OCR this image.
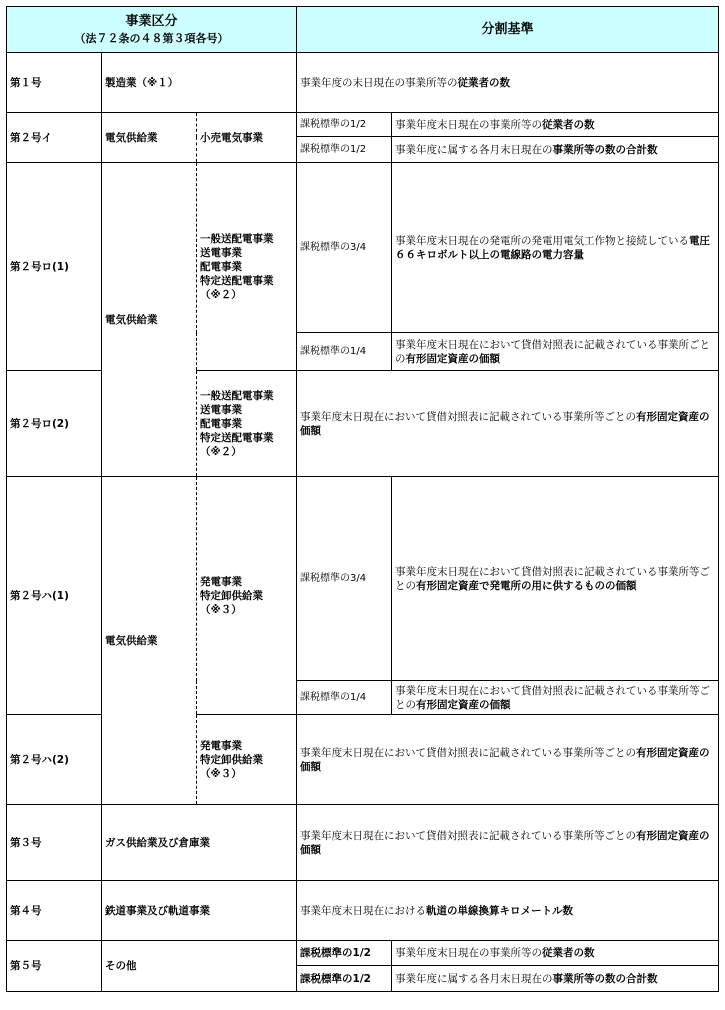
事業区分
（法７２条の４８第３項各号）			分割基準	

第１号	製造業（※１）		事業年度の末日現在の事業所等の従業者の数	
第２号イ	電気供給業	小売電気事業	課税標準の1/2	事業年度末日現在の事業所等の従業者の数
			課税標準の1/2	事業年度に属する各月末日現在の事業所等の数の合計数
第２号ロ(1)	電気供給業	一般送配電事業
送電事業
配電事業
特定送配電事業
（※２）	課税標準の3/4	事業年度末日現在の発電所の発電用電気工作物と接続している電圧６６キロボルト以上の電線路の電力容量
			課税標準の1/4	事業年度末日現在において貸借対照表に記載されている事業所ごとの有形固定資産の価額
第２号ロ(2)		一般送配電事業
送電事業
配電事業
特定送配電事業
（※２）	事業年度末日現在において貸借対照表に記載されている事業所等ごとの有形固定資産の価額	
第２号ハ(1)	電気供給業	発電事業
特定卸供給業
（※３）	課税標準の3/4	事業年度末日現在において貸借対照表に記載されている事業所等ごとの有形固定資産で発電所の用に供するものの価額
			課税標準の1/4	事業年度末日現在において貸借対照表に記載されている事業所等ごとの有形固定資産の価額
第２号ハ(2)		発電事業
特定卸供給業
（※３）	事業年度末日現在において貸借対照表に記載されている事業所等ごとの有形固定資産の価額	
第３号	ガス供給業及び倉庫業		事業年度末日現在において貸借対照表に記載されている事業所等ごとの有形固定資産の価額	
第４号	鉄道事業及び軌道事業		事業年度末日現在における軌道の単線換算キロメートル数	
第５号	その他		課税標準の1/2	事業年度末日現在の事業所等の従業者の数
			課税標準の1/2	事業年度に属する各月末日現在の事業所等の数の合計数
